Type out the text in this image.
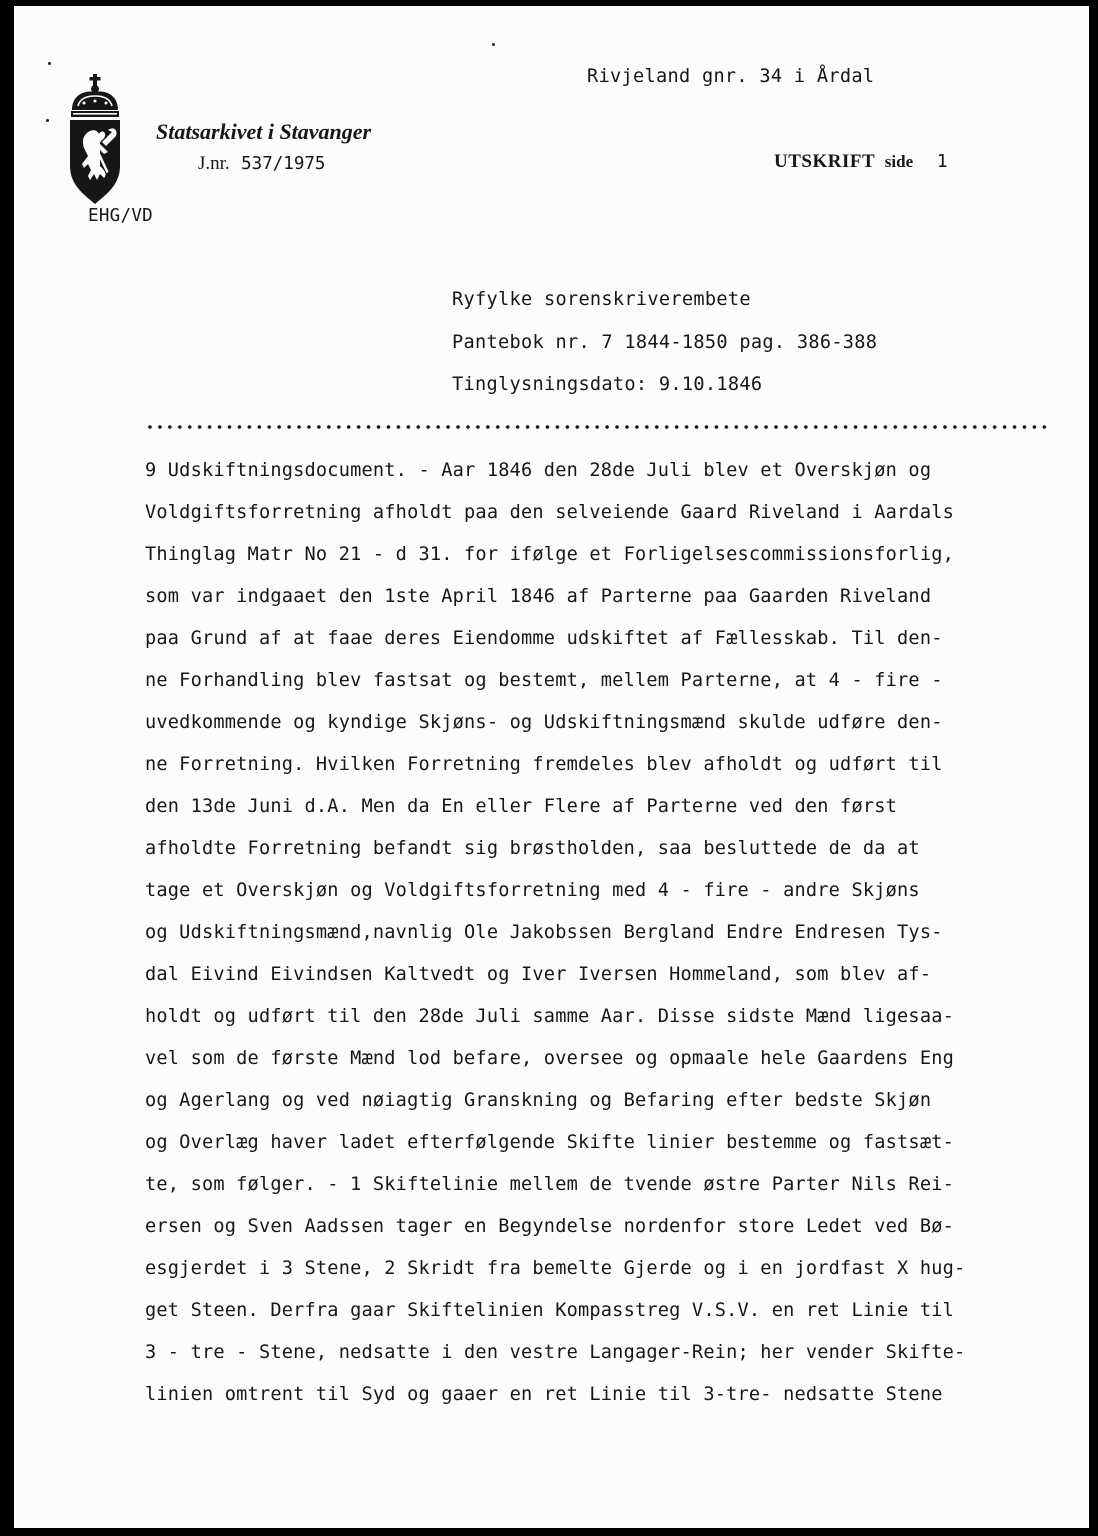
Rivjeland gnr. 34 i Årdal
Statsarkivet i Stavanger
J.nr. 537/1975	UTSKRIFT side 1
EHG/VD
Ryfylke sorenskriverembete
Pantebok nr. 7 1844-1850 pag. 386-388
Tinglysningsdato: 9.10.1846
9 Udskiftningsdocument. - Aar 1846 den 28de Juli blev et Overskjøn og
Voldgiftsforretning afholdt paa den selveiende Gaard Riveland i Aardals
Thinglag Matr No 21 - d 31. for ifølge et Forligelsescommissionsforlig,
som var indgaaet den 1ste April 1846 af Parterne paa Gaarden Riveland
paa Grund af at faae deres Eiendomme udskiftet af Fællesskab. Til den-
ne Forhandling blev fastsat og bestemt, mellem Parterne, at 4 - fire -
uvedkommende og kyndige Skjøns- og Udskiftningsmænd skulde udføre den-
ne Forretning. Hvilken Forretning fremdeles blev afholdt og udført til
den 13de Juni d.A. Men da En eller Flere af Parterne ved den først
afholdte Forretning befandt sig brøstholden, saa besluttede de da at
tage et Overskjøn og Voldgiftsforretning med 4 - fire - andre Skjøns
og Udskiftningsmænd,navnlig Ole Jakobssen Bergland Endre Endresen Tys-
dal Eivind Eivindsen Kaltvedt og Iver Iversen Hommeland, som blev af-
holdt og udført til den 28de Juli samme Aar. Disse sidste Mænd ligesaa-
vel som de første Mænd lod befare, oversee og opmaale hele Gaardens Eng
og Agerlang og ved nøiagtig Granskning og Befaring efter bedste Skjøn
og Overlæg haver ladet efterfølgende Skifte linier bestemme og fastsæt-
te, som følger. - 1 Skiftelinie mellem de tvende østre Parter Nils Rei-
ersen og Sven Aadssen tager en Begyndelse nordenfor store Ledet ved Bø-
esgjerdet i 3 Stene, 2 Skridt fra bemelte Gjerde og i en jordfast X hug-
get Steen. Derfra gaar Skiftelinien Kompasstreg V.S.V. en ret Linie til
3 - tre - Stene, nedsatte i den vestre Langager-Rein; her vender Skifte-
linien omtrent til Syd og gaaer en ret Linie til 3-tre- nedsatte Stene
